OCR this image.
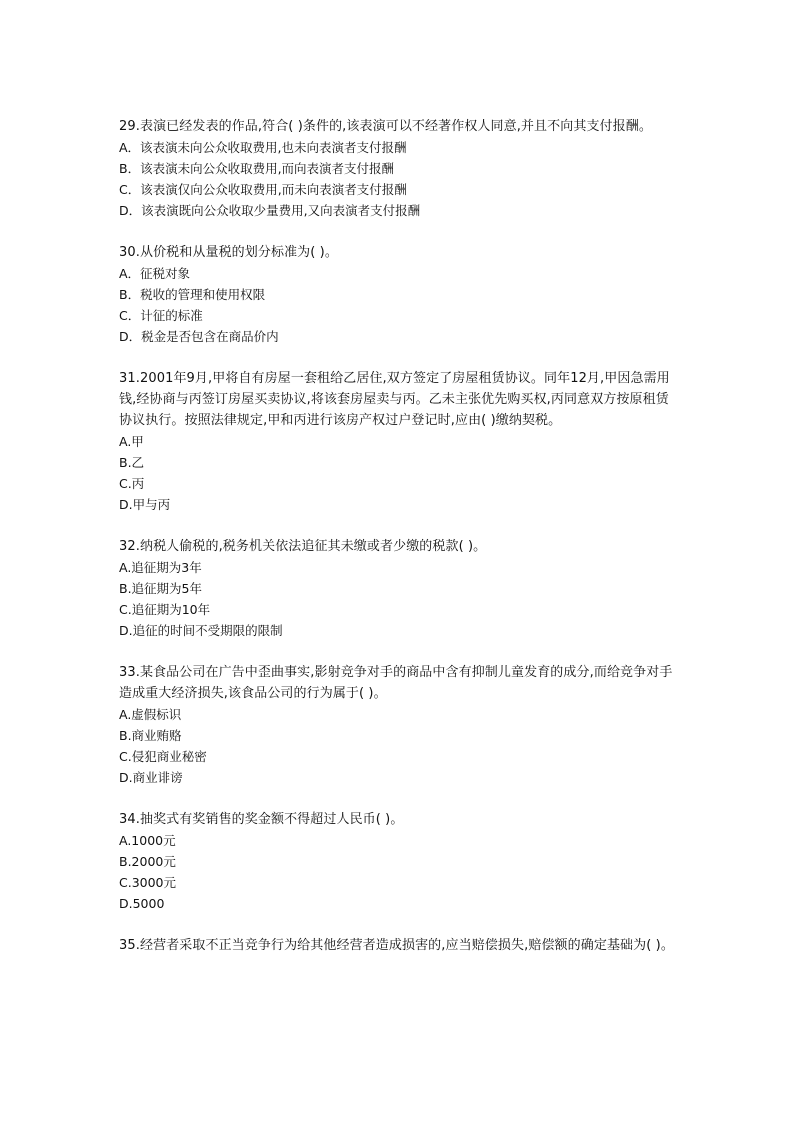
29.表演已经发表的作品,符合( )条件的,该表演可以不经著作权人同意,并且不向其支付报酬。

A．该表演未向公众收取费用,也未向表演者支付报酬

B．该表演未向公众收取费用,而向表演者支付报酬

C．该表演仅向公众收取费用,而未向表演者支付报酬

D．该表演既向公众收取少量费用,又向表演者支付报酬

30.从价税和从量税的划分标准为( )。

A．征税对象

B．税收的管理和使用权限

C．计征的标准

D．税金是否包含在商品价内

31.2001年9月,甲将自有房屋一套租给乙居住,双方签定了房屋租赁协议。同年12月,甲因急需用钱,经协商与丙签订房屋买卖协议,将该套房屋卖与丙。乙未主张优先购买权,丙同意双方按原租赁协议执行。按照法律规定,甲和丙进行该房产权过户登记时,应由( )缴纳契税。

A.甲

B.乙

C.丙

D.甲与丙

32.纳税人偷税的,税务机关依法追征其未缴或者少缴的税款( )。

A.追征期为3年

B.追征期为5年

C.追征期为10年

D.追征的时间不受期限的限制

33.某食品公司在广告中歪曲事实,影射竞争对手的商品中含有抑制儿童发育的成分,而给竞争对手造成重大经济损失,该食品公司的行为属于( )。

A.虚假标识

B.商业贿赂

C.侵犯商业秘密

D.商业诽谤

34.抽奖式有奖销售的奖金额不得超过人民币( )。

A.1000元

B.2000元

C.3000元

D.5000

35.经营者采取不正当竞争行为给其他经营者造成损害的,应当赔偿损失,赔偿额的确定基础为( )。
